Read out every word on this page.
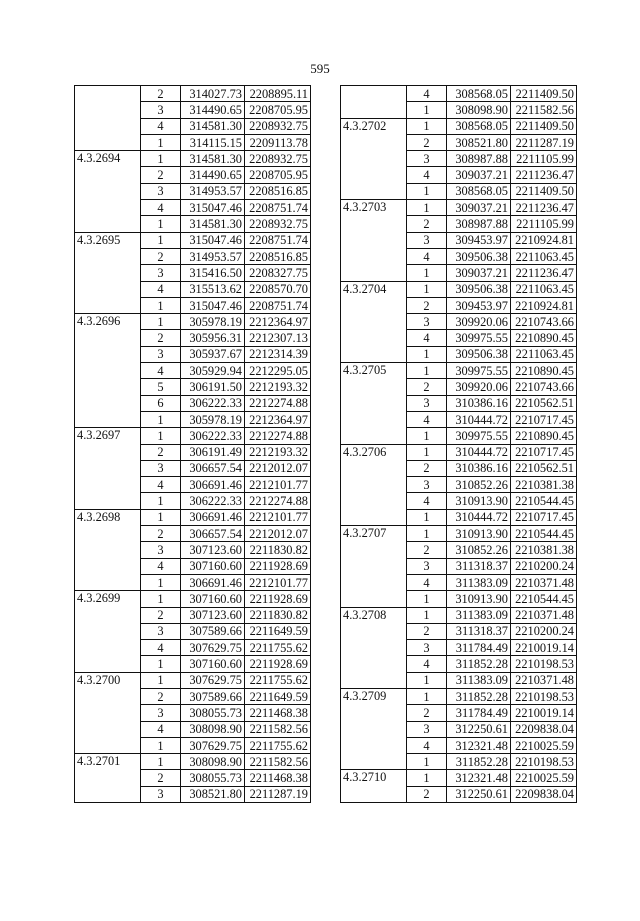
595
	2	314027.73	2208895.11
	3	314490.65	2208705.95
	4	314581.30	2208932.75
	1	314115.15	2209113.78
4.3.2694	1	314581.30	2208932.75
	2	314490.65	2208705.95
	3	314953.57	2208516.85
	4	315047.46	2208751.74
	1	314581.30	2208932.75
4.3.2695	1	315047.46	2208751.74
	2	314953.57	2208516.85
	3	315416.50	2208327.75
	4	315513.62	2208570.70
	1	315047.46	2208751.74
4.3.2696	1	305978.19	2212364.97
	2	305956.31	2212307.13
	3	305937.67	2212314.39
	4	305929.94	2212295.05
	5	306191.50	2212193.32
	6	306222.33	2212274.88
	1	305978.19	2212364.97
4.3.2697	1	306222.33	2212274.88
	2	306191.49	2212193.32
	3	306657.54	2212012.07
	4	306691.46	2212101.77
	1	306222.33	2212274.88
4.3.2698	1	306691.46	2212101.77
	2	306657.54	2212012.07
	3	307123.60	2211830.82
	4	307160.60	2211928.69
	1	306691.46	2212101.77
4.3.2699	1	307160.60	2211928.69
	2	307123.60	2211830.82
	3	307589.66	2211649.59
	4	307629.75	2211755.62
	1	307160.60	2211928.69
4.3.2700	1	307629.75	2211755.62
	2	307589.66	2211649.59
	3	308055.73	2211468.38
	4	308098.90	2211582.56
	1	307629.75	2211755.62
4.3.2701	1	308098.90	2211582.56
	2	308055.73	2211468.38
	3	308521.80	2211287.19
	4	308568.05	2211409.50
	1	308098.90	2211582.56
4.3.2702	1	308568.05	2211409.50
	2	308521.80	2211287.19
	3	308987.88	2211105.99
	4	309037.21	2211236.47
	1	308568.05	2211409.50
4.3.2703	1	309037.21	2211236.47
	2	308987.88	2211105.99
	3	309453.97	2210924.81
	4	309506.38	2211063.45
	1	309037.21	2211236.47
4.3.2704	1	309506.38	2211063.45
	2	309453.97	2210924.81
	3	309920.06	2210743.66
	4	309975.55	2210890.45
	1	309506.38	2211063.45
4.3.2705	1	309975.55	2210890.45
	2	309920.06	2210743.66
	3	310386.16	2210562.51
	4	310444.72	2210717.45
	1	309975.55	2210890.45
4.3.2706	1	310444.72	2210717.45
	2	310386.16	2210562.51
	3	310852.26	2210381.38
	4	310913.90	2210544.45
	1	310444.72	2210717.45
4.3.2707	1	310913.90	2210544.45
	2	310852.26	2210381.38
	3	311318.37	2210200.24
	4	311383.09	2210371.48
	1	310913.90	2210544.45
4.3.2708	1	311383.09	2210371.48
	2	311318.37	2210200.24
	3	311784.49	2210019.14
	4	311852.28	2210198.53
	1	311383.09	2210371.48
4.3.2709	1	311852.28	2210198.53
	2	311784.49	2210019.14
	3	312250.61	2209838.04
	4	312321.48	2210025.59
	1	311852.28	2210198.53
4.3.2710	1	312321.48	2210025.59
	2	312250.61	2209838.04
